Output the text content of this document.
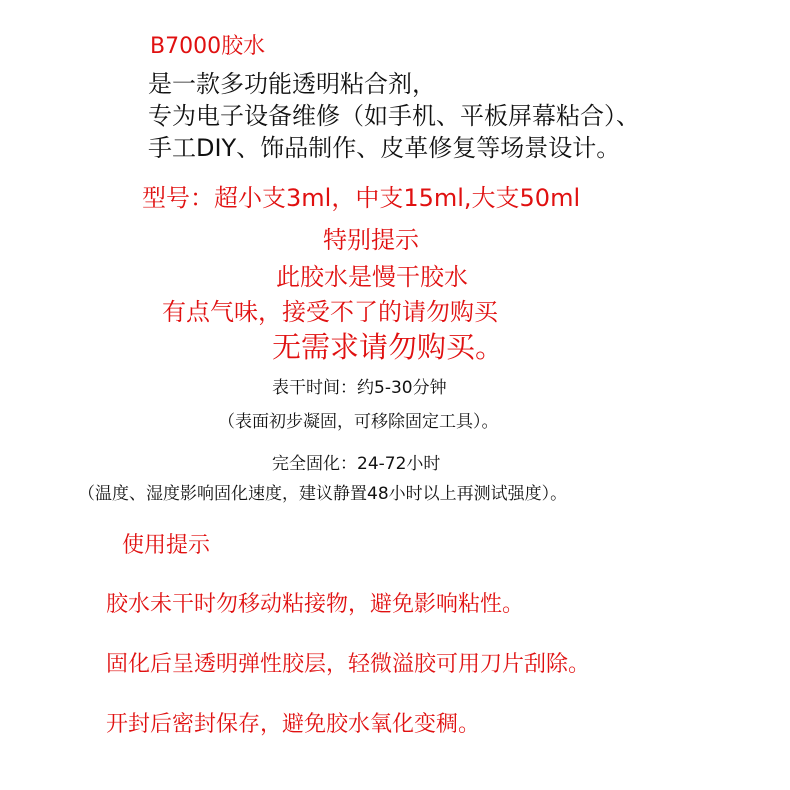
B7000胶水
是一款多功能透明粘合剂，
专为电子设备维修（如手机、平板屏幕粘合）、
手工DIY、饰品制作、皮革修复等场景设计。
型号：超小支3ml，中支15ml,大支50ml
特别提示
此胶水是慢干胶水
有点气味，接受不了的请勿购买
无需求请勿购买。
表干时间：约5-30分钟
（表面初步凝固，可移除固定工具）。
完全固化：24-72小时
（温度、湿度影响固化速度，建议静置48小时以上再测试强度）。
使用提示
胶水未干时勿移动粘接物，避免影响粘性。
固化后呈透明弹性胶层，轻微溢胶可用刀片刮除。
开封后密封保存，避免胶水氧化变稠。
